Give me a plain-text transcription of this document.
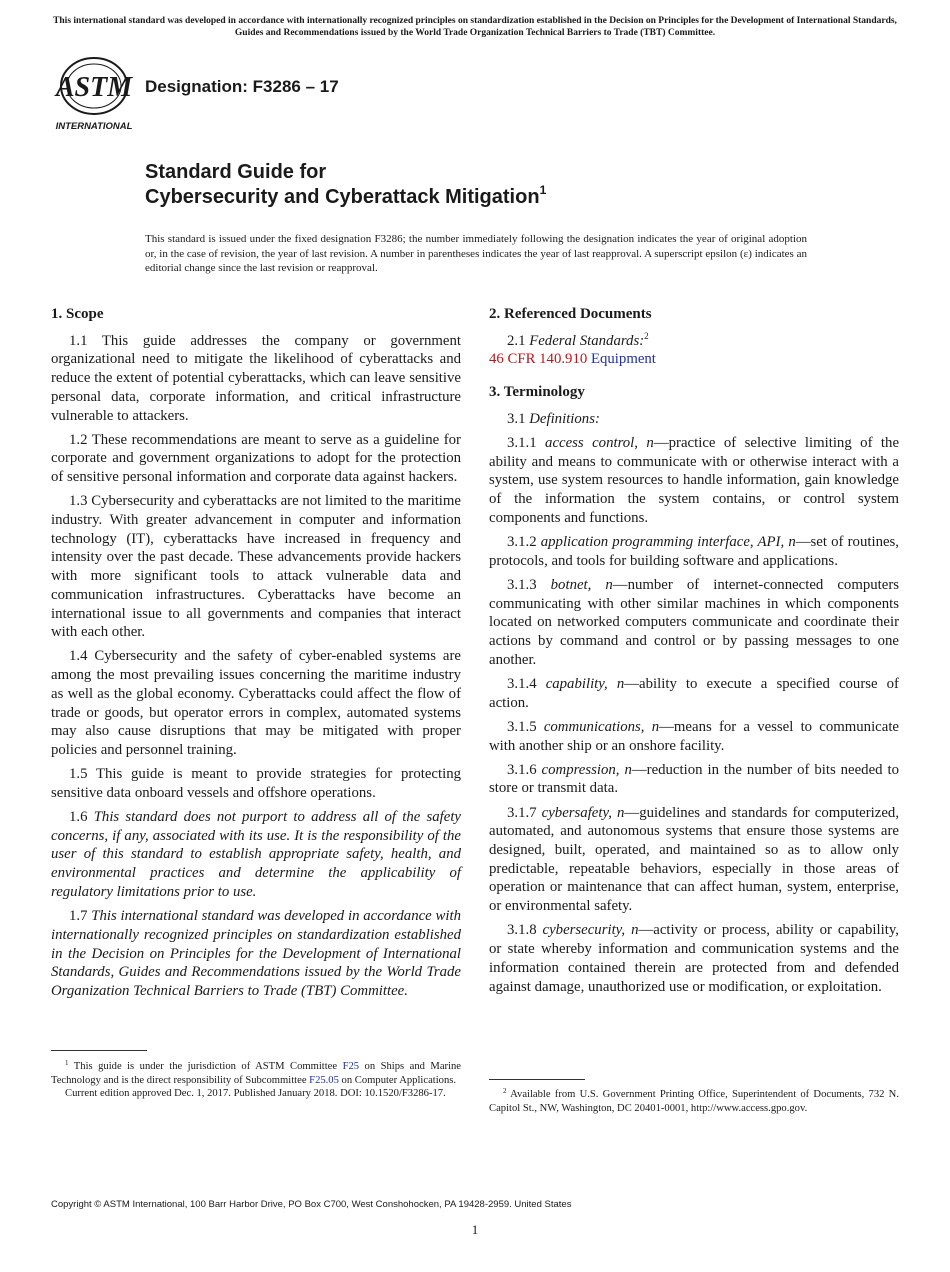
This international standard was developed in accordance with internationally recognized principles on standardization established in the Decision on Principles for the Development of International Standards, Guides and Recommendations issued by the World Trade Organization Technical Barriers to Trade (TBT) Committee.
ASTM
INTERNATIONAL
Designation: F3286 – 17
Standard Guide for
Cybersecurity and Cyberattack Mitigation$^1$
This standard is issued under the fixed designation F3286; the number immediately following the designation indicates the year of original adoption or, in the case of revision, the year of last revision. A number in parentheses indicates the year of last reapproval. A superscript epsilon (ε) indicates an editorial change since the last revision or reapproval.
1. Scope

1.1 This guide addresses the company or government organizational need to mitigate the likelihood of cyberattacks and reduce the extent of potential cyberattacks, which can leave sensitive personal data, corporate information, and critical infrastructure vulnerable to attackers.

1.2 These recommendations are meant to serve as a guideline for corporate and government organizations to adopt for the protection of sensitive personal information and corporate data against hackers.

1.3 Cybersecurity and cyberattacks are not limited to the maritime industry. With greater advancement in computer and information technology (IT), cyberattacks have increased in frequency and intensity over the past decade. These advancements provide hackers with more significant tools to attack vulnerable data and communication infrastructures. Cyberattacks have become an international issue to all governments and companies that interact with each other.

1.4 Cybersecurity and the safety of cyber-enabled systems are among the most prevailing issues concerning the maritime industry as well as the global economy. Cyberattacks could affect the flow of trade or goods, but operator errors in complex, automated systems may also cause disruptions that may be mitigated with proper policies and personnel training.

1.5 This guide is meant to provide strategies for protecting sensitive data onboard vessels and offshore operations.

1.6 This standard does not purport to address all of the safety concerns, if any, associated with its use. It is the responsibility of the user of this standard to establish appropriate safety, health, and environmental practices and determine the applicability of regulatory limitations prior to use.

1.7 This international standard was developed in accordance with internationally recognized principles on standardization established in the Decision on Principles for the Development of International Standards, Guides and Recommendations issued by the World Trade Organization Technical Barriers to Trade (TBT) Committee.

2. Referenced Documents

2.1 Federal Standards:$^2$
46 CFR 140.910 Equipment

3. Terminology

3.1 Definitions:

3.1.1 access control, n—practice of selective limiting of the ability and means to communicate with or otherwise interact with a system, use system resources to handle information, gain knowledge of the information the system contains, or control system components and functions.

3.1.2 application programming interface, API, n—set of routines, protocols, and tools for building software and applications.

3.1.3 botnet, n—number of internet-connected computers communicating with other similar machines in which components located on networked computers communicate and coordinate their actions by command and control or by passing messages to one another.

3.1.4 capability, n—ability to execute a specified course of action.

3.1.5 communications, n—means for a vessel to communicate with another ship or an onshore facility.

3.1.6 compression, n—reduction in the number of bits needed to store or transmit data.

3.1.7 cybersafety, n—guidelines and standards for computerized, automated, and autonomous systems that ensure those systems are designed, built, operated, and maintained so as to allow only predictable, repeatable behaviors, especially in those areas of operation or maintenance that can affect human, system, enterprise, or environmental safety.

3.1.8 cybersecurity, n—activity or process, ability or capability, or state whereby information and communication systems and the information contained therein are protected from and defended against damage, unauthorized use or modification, or exploitation.

$^1$ This guide is under the jurisdiction of ASTM Committee F25 on Ships and Marine Technology and is the direct responsibility of Subcommittee F25.05 on Computer Applications.

Current edition approved Dec. 1, 2017. Published January 2018. DOI: 10.1520/F3286-17.	$^2$ Available from U.S. Government Printing Office, Superintendent of Documents, 732 N. Capitol St., NW, Washington, DC 20401-0001, http://www.access.gpo.gov.

Copyright © ASTM International, 100 Barr Harbor Drive, PO Box C700, West Conshohocken, PA 19428-2959. United States
1
